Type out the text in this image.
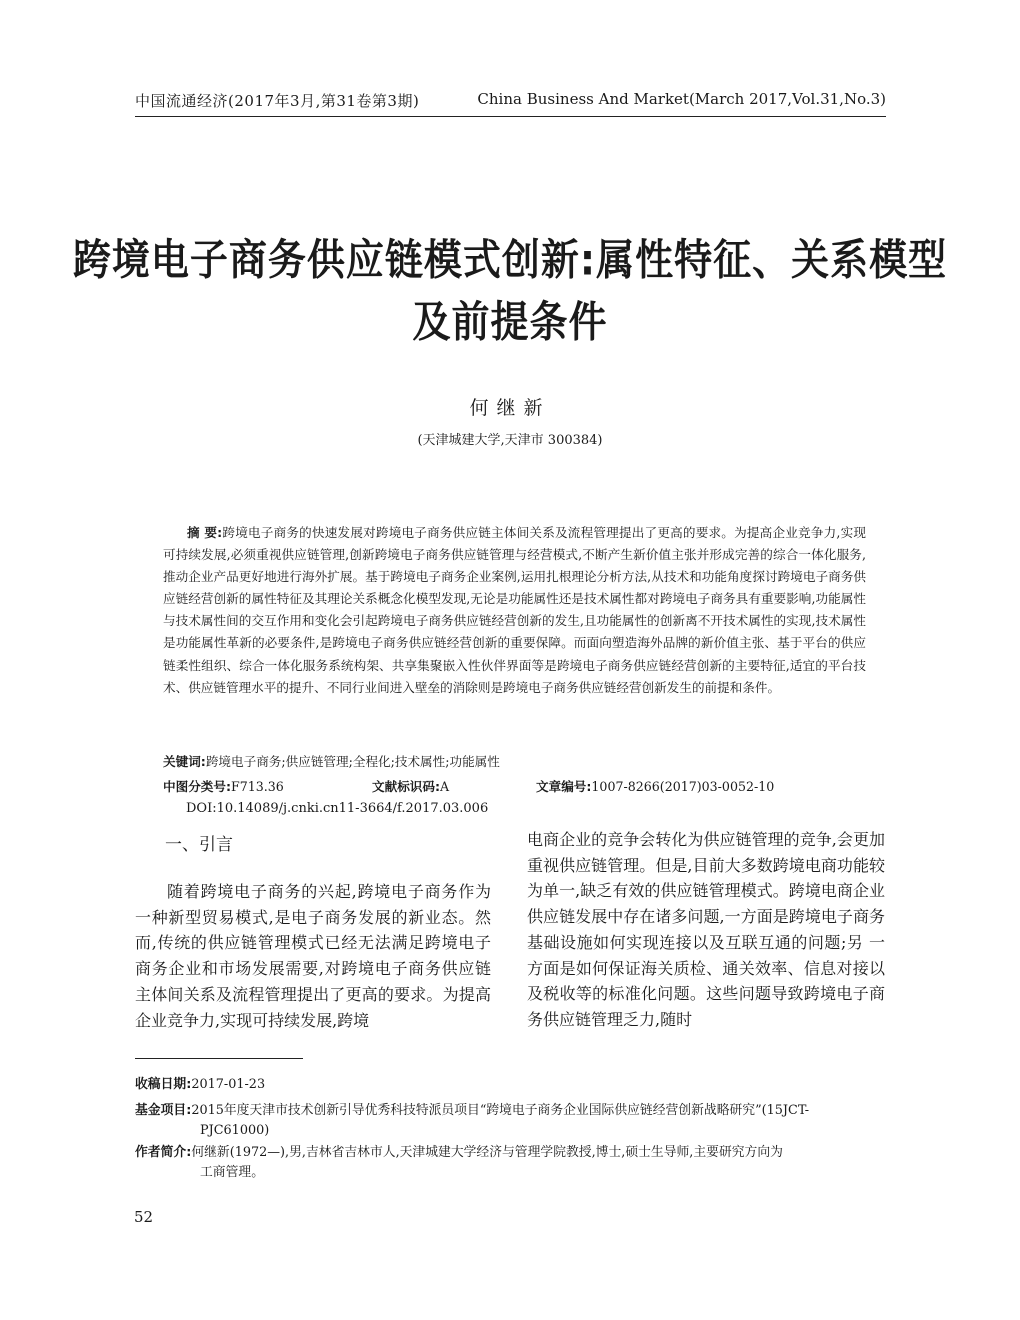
中国流通经济(2017年3月,第31卷第3期)	China Business And Market(March 2017,Vol.31,No.3)
跨境电子商务供应链模式创新:属性特征、关系模型及前提条件
何继新
(天津城建大学,天津市 300384)

摘 要:跨境电子商务的快速发展对跨境电子商务供应链主体间关系及流程管理提出了更高的要求。为提高企业竞争力,实现可持续发展,必须重视供应链管理,创新跨境电子商务供应链管理与经营模式,不断产生新价值主张并形成完善的综合一体化服务,推动企业产品更好地进行海外扩展。基于跨境电子商务企业案例,运用扎根理论分析方法,从技术和功能角度探讨跨境电子商务供应链经营创新的属性特征及其理论关系概念化模型发现,无论是功能属性还是技术属性都对跨境电子商务具有重要影响,功能属性与技术属性间的交互作用和变化会引起跨境电子商务供应链经营创新的发生,且功能属性的创新离不开技术属性的实现,技术属性是功能属性革新的必要条件,是跨境电子商务供应链经营创新的重要保障。而面向塑造海外品牌的新价值主张、基于平台的供应链柔性组织、综合一体化服务系统构架、共享集聚嵌入性伙伴界面等是跨境电子商务供应链经营创新的主要特征,适宜的平台技术、供应链管理水平的提升、不同行业间进入壁垒的消除则是跨境电子商务供应链经营创新发生的前提和条件。

关键词:跨境电子商务;供应链管理;全程化;技术属性;功能属性
中图分类号:F713.36	文献标识码:A	文章编号:1007-8266(2017)03-0052-10
DOI:10.14089/j.cnki.cn11-3664/f.2017.03.006
一、引言

随着跨境电子商务的兴起,跨境电子商务作为一种新型贸易模式,是电子商务发展的新业态。然而,传统的供应链管理模式已经无法满足跨境电子商务企业和市场发展需要,对跨境电子商务供应链主体间关系及流程管理提出了更高的要求。为提高企业竞争力,实现可持续发展,跨境

电商企业的竞争会转化为供应链管理的竞争,会更加重视供应链管理。但是,目前大多数跨境电商功能较为单一,缺乏有效的供应链管理模式。跨境电商企业供应链发展中存在诸多问题,一方面是跨境电子商务基础设施如何实现连接以及互联互通的问题;另 一方面是如何保证海关质检、通关效率、信息对接以及税收等的标准化问题。这些问题导致跨境电子商务供应链管理乏力,随时

收稿日期:2017-01-23
基金项目:2015年度天津市技术创新引导优秀科技特派员项目“跨境电子商务企业国际供应链经营创新战略研究”(15JCT-
PJC61000)
作者简介:何继新(1972—),男,吉林省吉林市人,天津城建大学经济与管理学院教授,博士,硕士生导师,主要研究方向为
工商管理。
52
